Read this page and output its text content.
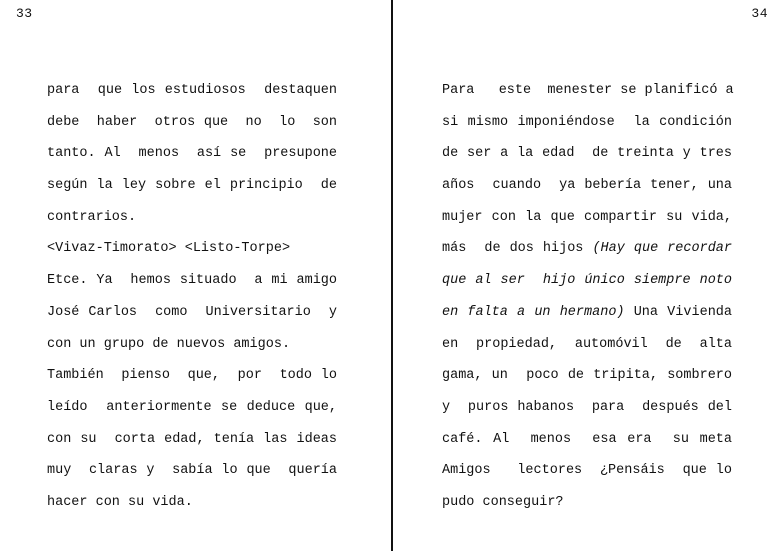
33
para  que los estudiosos  destaquen
debe  haber  otros que  no  lo  son
tanto. Al  menos  así se  presupone
según la ley sobre el principio  de
contrarios.
<Vivaz-Timorato> <Listo-Torpe>
Etce. Ya  hemos situado  a mi amigo
José Carlos  como  Universitario  y
con un grupo de nuevos amigos.
También  pienso  que,  por  todo lo
leído  anteriormente se deduce que,
con su  corta edad, tenía las ideas
muy  claras y  sabía lo que  quería
hacer con su vida.
34
Para   este  menester se planificó a
si mismo imponiéndose  la condición
de ser a la edad  de treinta y tres
años  cuando  ya bebería tener, una
mujer con la que compartir su vida,
más  de dos hijos (Hay que recordar
que al ser  hijo único siempre noto
en falta a un hermano) Una Vivienda
en  propiedad,  automóvil  de  alta
gama, un  poco de tripita, sombrero
y  puros habanos  para  después del
café. Al  menos  esa era  su meta
Amigos   lectores  ¿Pensáis  que lo
pudo conseguir?
